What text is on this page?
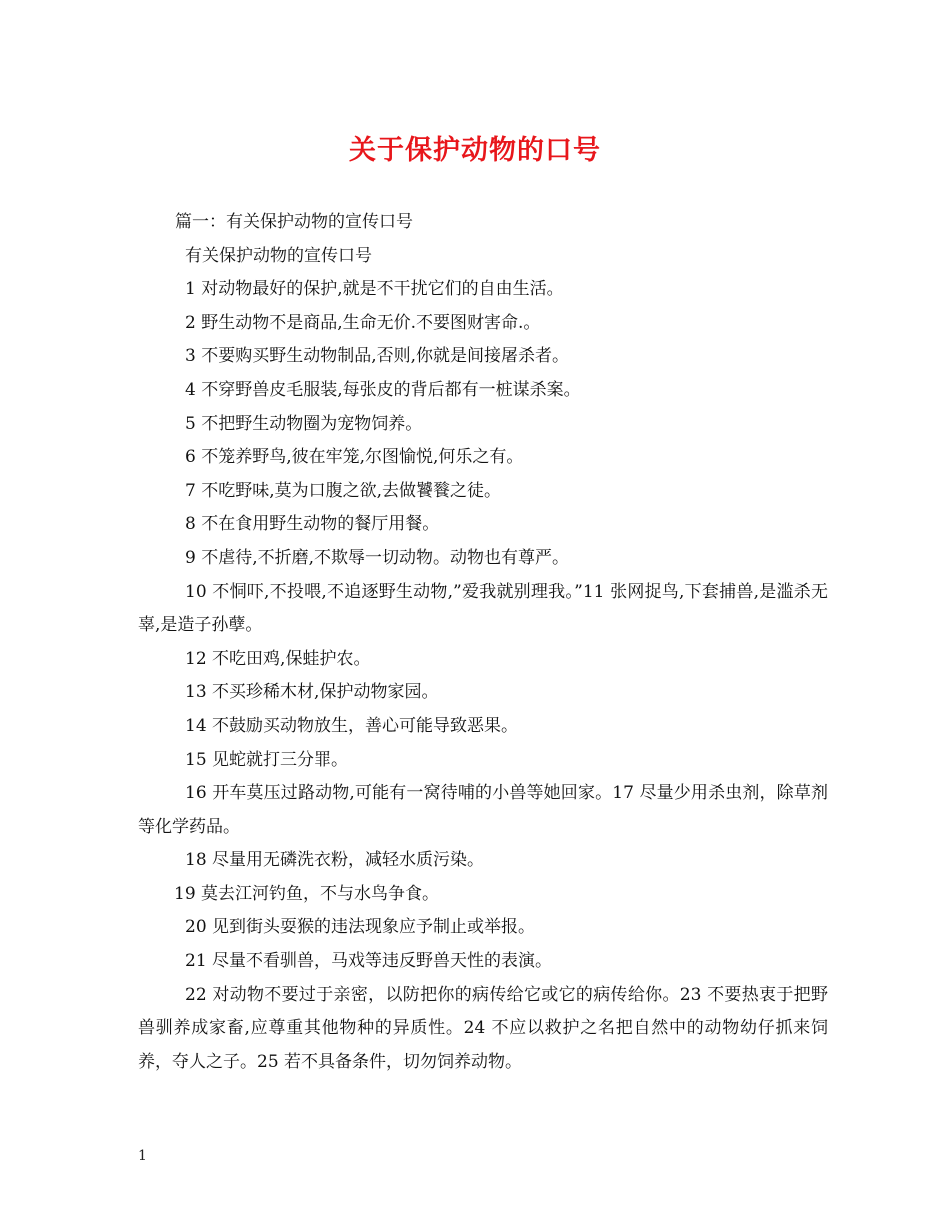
关于保护动物的口号

篇一：有关保护动物的宣传口号

有关保护动物的宣传口号

1 对动物最好的保护,就是不干扰它们的自由生活。

2 野生动物不是商品,生命无价.不要图财害命.。

3 不要购买野生动物制品,否则,你就是间接屠杀者。

4 不穿野兽皮毛服装,每张皮的背后都有一桩谋杀案。

5 不把野生动物圈为宠物饲养。

6 不笼养野鸟,彼在牢笼,尔图愉悦,何乐之有。

7 不吃野味,莫为口腹之欲,去做饕餮之徒。

8 不在食用野生动物的餐厅用餐。

9 不虐待,不折磨,不欺辱一切动物。动物也有尊严。

10 不恫吓,不投喂,不追逐野生动物,”爱我就别理我。”11 张网捉鸟,下套捕兽,是滥杀无辜,是造子孙孽。

12 不吃田鸡,保蛙护农。

13 不买珍稀木材,保护动物家园。

14 不鼓励买动物放生，善心可能导致恶果。

15 见蛇就打三分罪。

16 开车莫压过路动物,可能有一窝待哺的小兽等她回家。17 尽量少用杀虫剂，除草剂等化学药品。

18 尽量用无磷洗衣粉，减轻水质污染。

19 莫去江河钓鱼，不与水鸟争食。

20 见到街头耍猴的违法现象应予制止或举报。

21 尽量不看驯兽，马戏等违反野兽天性的表演。

22 对动物不要过于亲密，以防把你的病传给它或它的病传给你。23 不要热衷于把野兽驯养成家畜,应尊重其他物种的异质性。24 不应以救护之名把自然中的动物幼仔抓来饲养，夺人之子。25 若不具备条件，切勿饲养动物。

1
